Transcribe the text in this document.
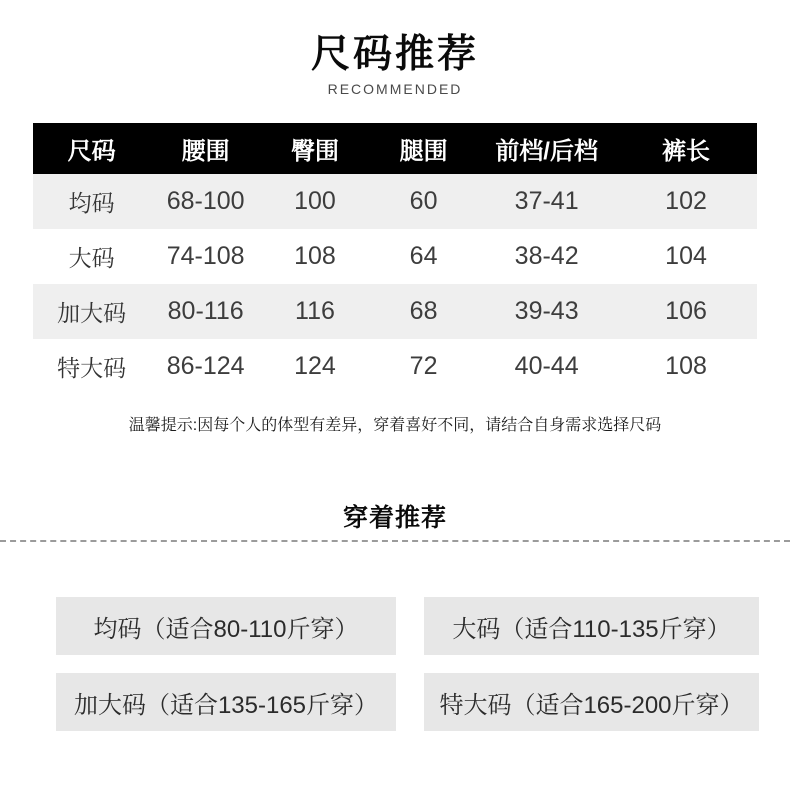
尺码推荐
RECOMMENDED
尺码	腰围	臀围	腿围	前档/后档	裤长
均码	68-100	100	60	37-41	102
大码	74-108	108	64	38-42	104
加大码	80-116	116	68	39-43	106
特大码	86-124	124	72	40-44	108
温馨提示:因每个人的体型有差异，穿着喜好不同，请结合自身需求选择尺码
穿着推荐
均码（适合80-110斤穿）	大码（适合110-135斤穿）
加大码（适合135-165斤穿）	特大码（适合165-200斤穿）
